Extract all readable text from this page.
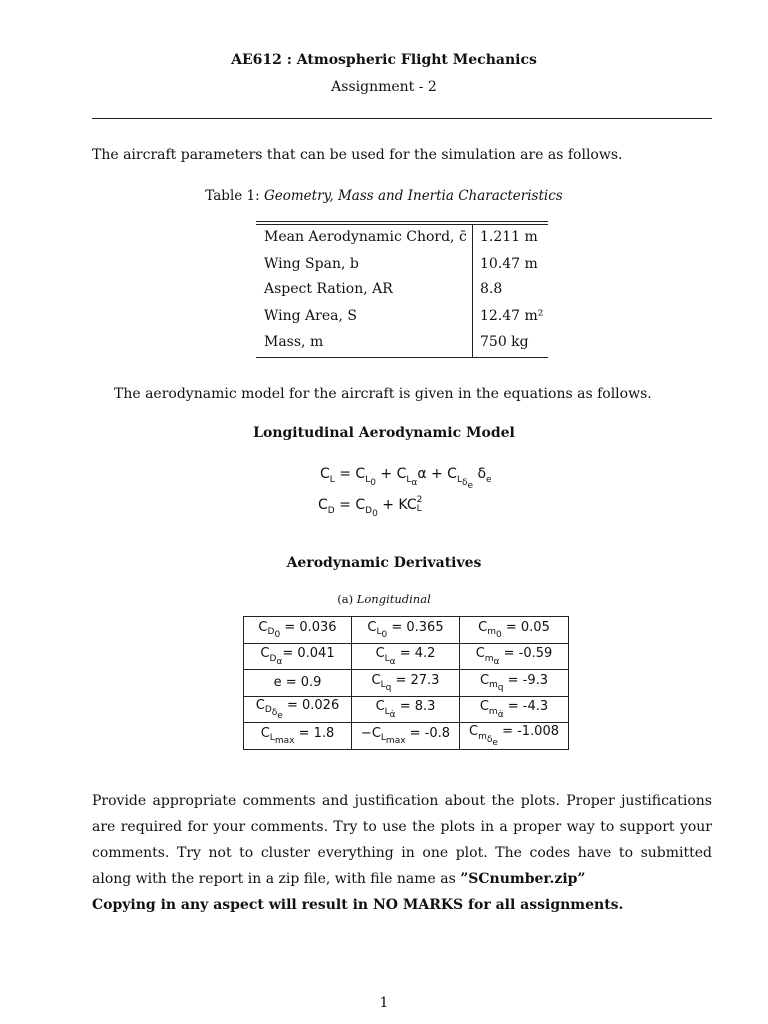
AE612 : Atmospheric Flight Mechanics
Assignment - 2
The aircraft parameters that can be used for the simulation are as follows.
Table 1: Geometry, Mass and Inertia Characteristics
Mean Aerodynamic Chord, c̄ 1.211 m
Wing Span, b	10.47 m
Aspect Ration, AR	8.8
Wing Area, S	12.47 m²
Mass, m	750 kg
The aerodynamic model for the aircraft is given in the equations as follows.
Longitudinal Aerodynamic Model
$C_L = C_{L_0} + C_{L_\alpha}\alpha + C_{L_{\delta_e}}$ $\delta_e$
$C_D = C_{D_0} + KC2$
L
Aerodynamic Derivatives
(a) Longitudinal
$C_{D_0} = 0.036$	$C_{L_0} = 0.365$	$C_{m_0} = 0.05$
$C_{D_\alpha}= 0.041$	$C_{L_\alpha} = 4.2$	$C_{m_\alpha} = -0.59$
e = 0.9	$C_{L_q} = 27.3$	$C_{m_q} = -9.3$
$C_{D_{\delta_e}} = 0.026$	$C_{L_{\alphȧ}} = 8.3$	$C_{m_{\alphȧ}} = -4.3$
$C_{L_{max}} = 1.8$	$-C_{L_{max}} = -0.8$	$C_{m_{\delta_e}} = -1.008$
Provide appropriate comments and justification about the plots. Proper justifications are required for your comments. Try to use the plots in a proper way to support your comments. Try not to cluster everything in one plot. The codes have to submitted along with the report in a zip file, with file name as ”SCnumber.zip”
Copying in any aspect will result in NO MARKS for all assignments.
1
